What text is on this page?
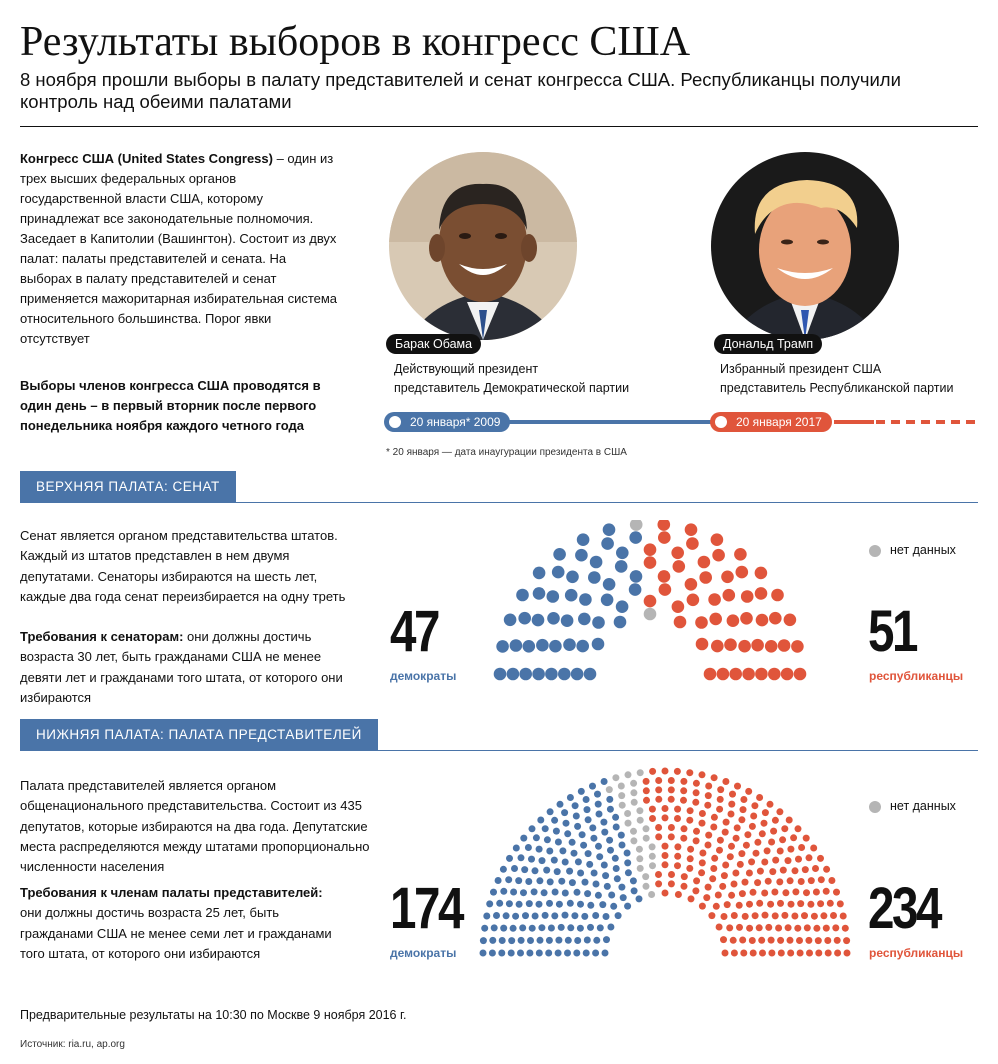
Результаты выборов в конгресс США
8 ноября прошли выборы в палату представителей и сенат конгресса США. Республиканцы получили контроль над обеими палатами
Конгресс США (United States Congress) – один из трех высших федеральных органов государственной власти США, которому принадлежат все законодательные полномочия. Заседает в Капитолии (Вашингтон). Состоит из двух палат: палаты представителей и сената. На выборах в палату представителей и сенат применяется мажоритарная избирательная система относительного большинства. Порог явки отсутствует
Выборы членов конгресса США проводятся в один день – в первый вторник после первого понедельника ноября каждого четного года
Барак Обама	Дональд Трамп
Действующий президент
представитель Демократической партии
Избранный президент США
представитель Республиканской партии
20 января* 2009	20 января 2017
* 20 января — дата инаугурации президента в США
ВЕРХНЯЯ ПАЛАТА: СЕНАТ
Сенат является органом представительства штатов. Каждый из штатов представлен в нем двумя депутатами. Сенаторы избираются на шесть лет, каждые два года сенат переизбирается на одну треть
Требования к сенаторам: они должны достичь возраста 30 лет, быть гражданами США не менее девяти лет и гражданами того штата, от которого они избираются
47
демократы
51
республиканцы
нет данных
НИЖНЯЯ ПАЛАТА: ПАЛАТА ПРЕДСТАВИТЕЛЕЙ
Палата представителей является органом общенационального представительства. Состоит из 435 депутатов, которые избираются на два года. Депутатские места распределяются между штатами пропорционально численности населения
Требования к членам палаты представителей:
они должны достичь возраста 25 лет, быть гражданами США не менее семи лет и гражданами того штата, от которого они избираются
174
демократы
234
республиканцы
нет данных
Предварительные результаты на 10:30 по Москве 9 ноября 2016 г.
Источник: ria.ru, ap.org
